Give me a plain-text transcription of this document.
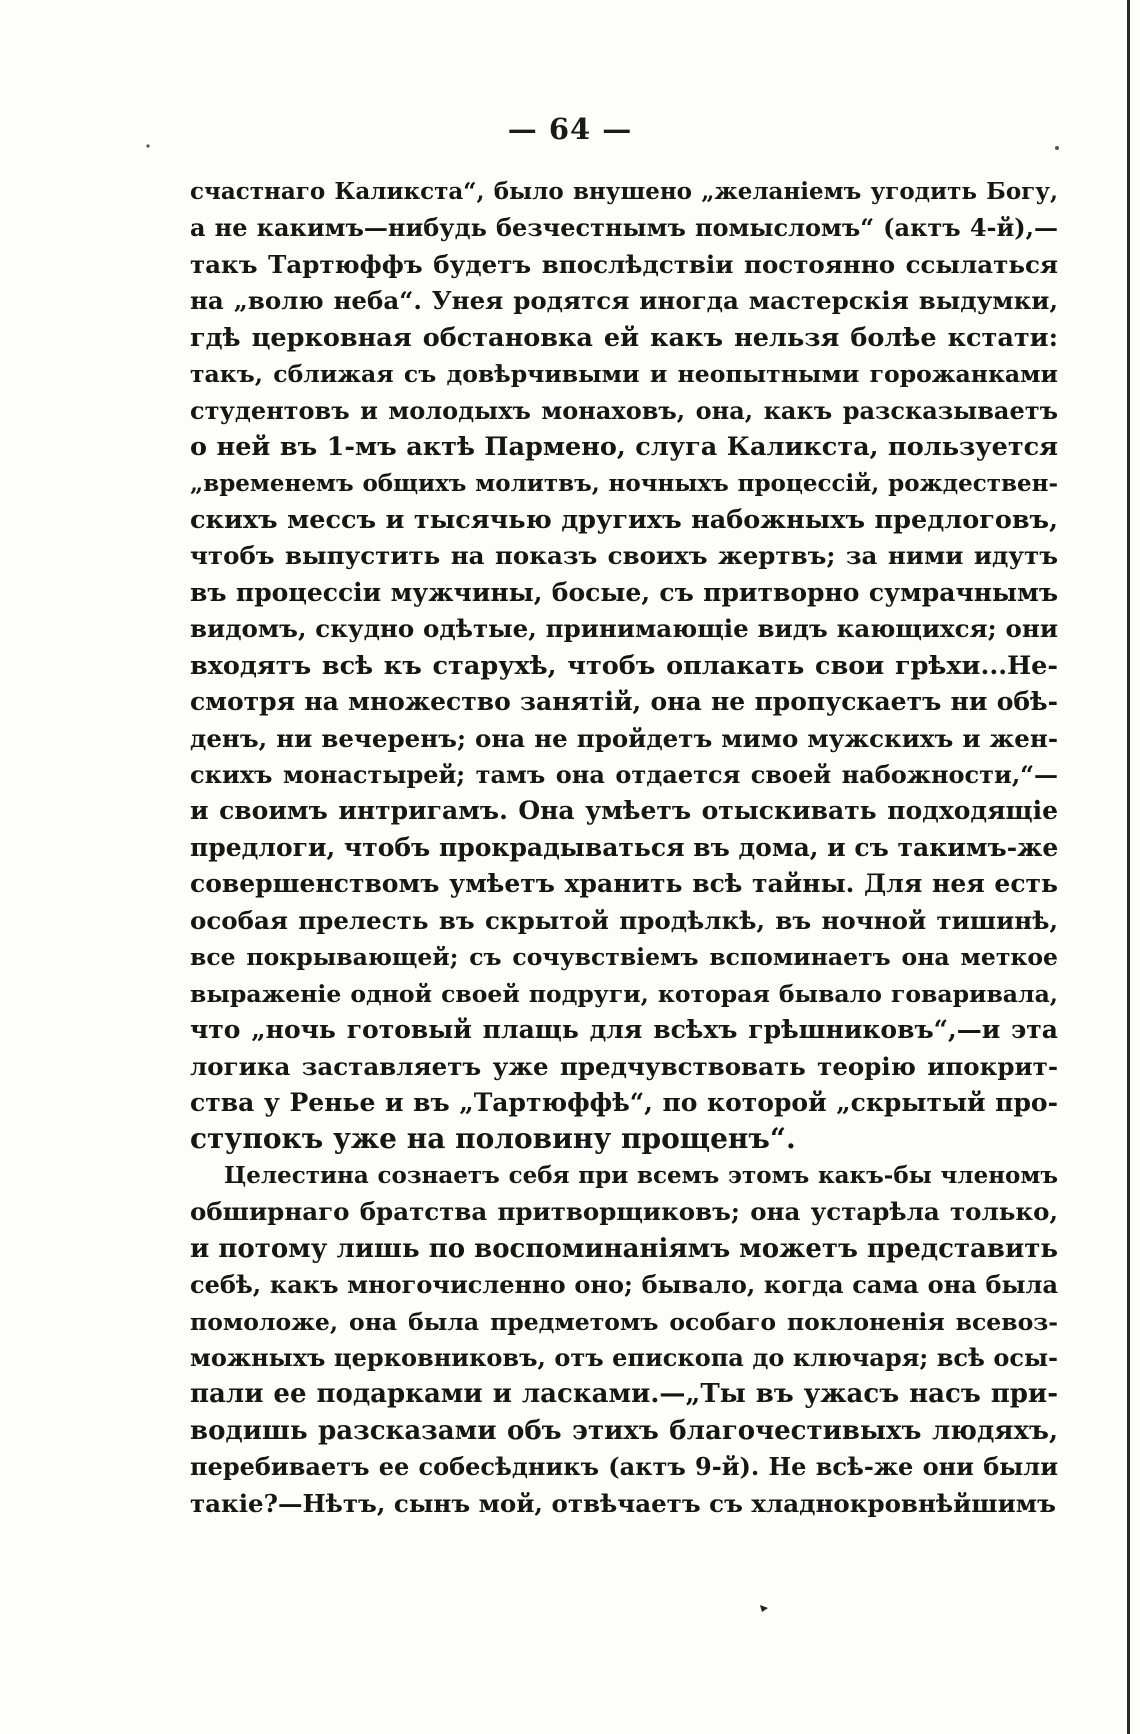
— 64 —
счастнаго Каликста“, было внушено „желаніемъ угодить Богу,
а не какимъ—нибудь безчестнымъ помысломъ“ (актъ 4-й),—
такъ Тартюффъ будетъ впослѣдствіи постоянно ссылаться
на „волю неба“. Унея родятся иногда мастерскія выдумки,
гдѣ церковная обстановка ей какъ нельзя болѣе кстати:
такъ, сближая съ довѣрчивыми и неопытными горожанками
студентовъ и молодыхъ монаховъ, она, какъ разсказываетъ
о ней въ 1-мъ актѣ Пармено, слуга Каликста, пользуется
„временемъ общихъ молитвъ, ночныхъ процессій, рождествен-
скихъ мессъ и тысячью другихъ набожныхъ предлоговъ,
чтобъ выпустить на показъ своихъ жертвъ; за ними идутъ
въ процессіи мужчины, босые, съ притворно сумрачнымъ
видомъ, скудно одѣтые, принимающіе видъ кающихся; они
входятъ всѣ къ старухѣ, чтобъ оплакать свои грѣхи...Не-
смотря на множество занятій, она не пропускаетъ ни обѣ-
денъ, ни вечеренъ; она не пройдетъ мимо мужскихъ и жен-
скихъ монастырей; тамъ она отдается своей набожности,“—
и своимъ интригамъ. Она умѣетъ отыскивать подходящіе
предлоги, чтобъ прокрадываться въ дома, и съ такимъ-же
совершенствомъ умѣетъ хранить всѣ тайны. Для нея есть
особая прелесть въ скрытой продѣлкѣ, въ ночной тишинѣ,
все покрывающей; съ сочувствіемъ вспоминаетъ она меткое
выраженіе одной своей подруги, которая бывало говаривала,
что „ночь готовый плащь для всѣхъ грѣшниковъ“,—и эта
логика заставляетъ уже предчувствовать теорію ипокрит-
ства у Ренье и въ „Тартюффѣ“, по которой „скрытый про-
ступокъ уже на половину прощенъ“.
Целестина сознаетъ себя при всемъ этомъ какъ-бы членомъ
обширнаго братства притворщиковъ; она устарѣла только,
и потому лишь по воспоминаніямъ можетъ представить
себѣ, какъ многочисленно оно; бывало, когда сама она была
помоложе, она была предметомъ особаго поклоненія всевоз-
можныхъ церковниковъ, отъ епископа до ключаря; всѣ осы-
пали ее подарками и ласками.—„Ты въ ужасъ насъ при-
водишь разсказами объ этихъ благочестивыхъ людяхъ,
перебиваетъ ее собесѣдникъ (актъ 9-й). Не всѣ-же они были
такіе?—Нѣтъ, сынъ мой, отвѣчаетъ съ хладнокровнѣйшимъ
